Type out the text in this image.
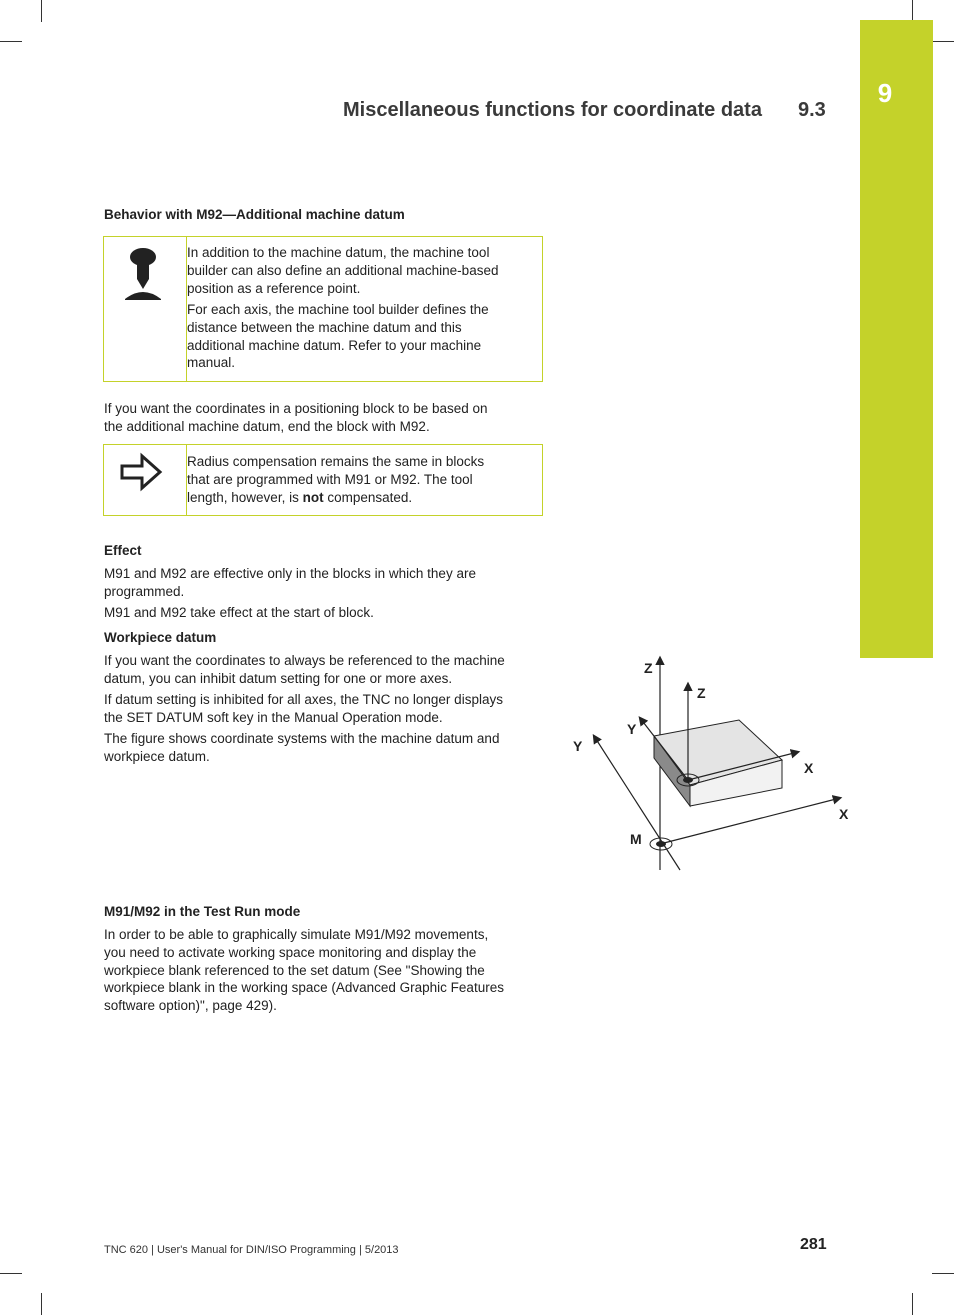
9
Miscellaneous functions for coordinate data 9.3
Behavior with M92—Additional machine datum
In addition to the machine datum, the machine tool
builder can also define an additional machine-based
position as a reference point.
For each axis, the machine tool builder defines the
distance between the machine datum and this
additional machine datum. Refer to your machine
manual.
If you want the coordinates in a positioning block to be based on
the additional machine datum, end the block with M92.
Radius compensation remains the same in blocks
that are programmed with M91 or M92. The tool
length, however, is not compensated.
Effect
M91 and M92 are effective only in the blocks in which they are
programmed.
M91 and M92 take effect at the start of block.
Workpiece datum
If you want the coordinates to always be referenced to the machine
datum, you can inhibit datum setting for one or more axes.
If datum setting is inhibited for all axes, the TNC no longer displays
the SET DATUM soft key in the Manual Operation mode.
The figure shows coordinate systems with the machine datum and
workpiece datum.
Z
Y
X
Z
Y
X
M
M91/M92 in the Test Run mode
In order to be able to graphically simulate M91/M92 movements,
you need to activate working space monitoring and display the
workpiece blank referenced to the set datum (See "Showing the
workpiece blank in the working space (Advanced Graphic Features
software option)", page 429).
TNC 620 | User's Manual for DIN/ISO Programming | 5/2013	281
